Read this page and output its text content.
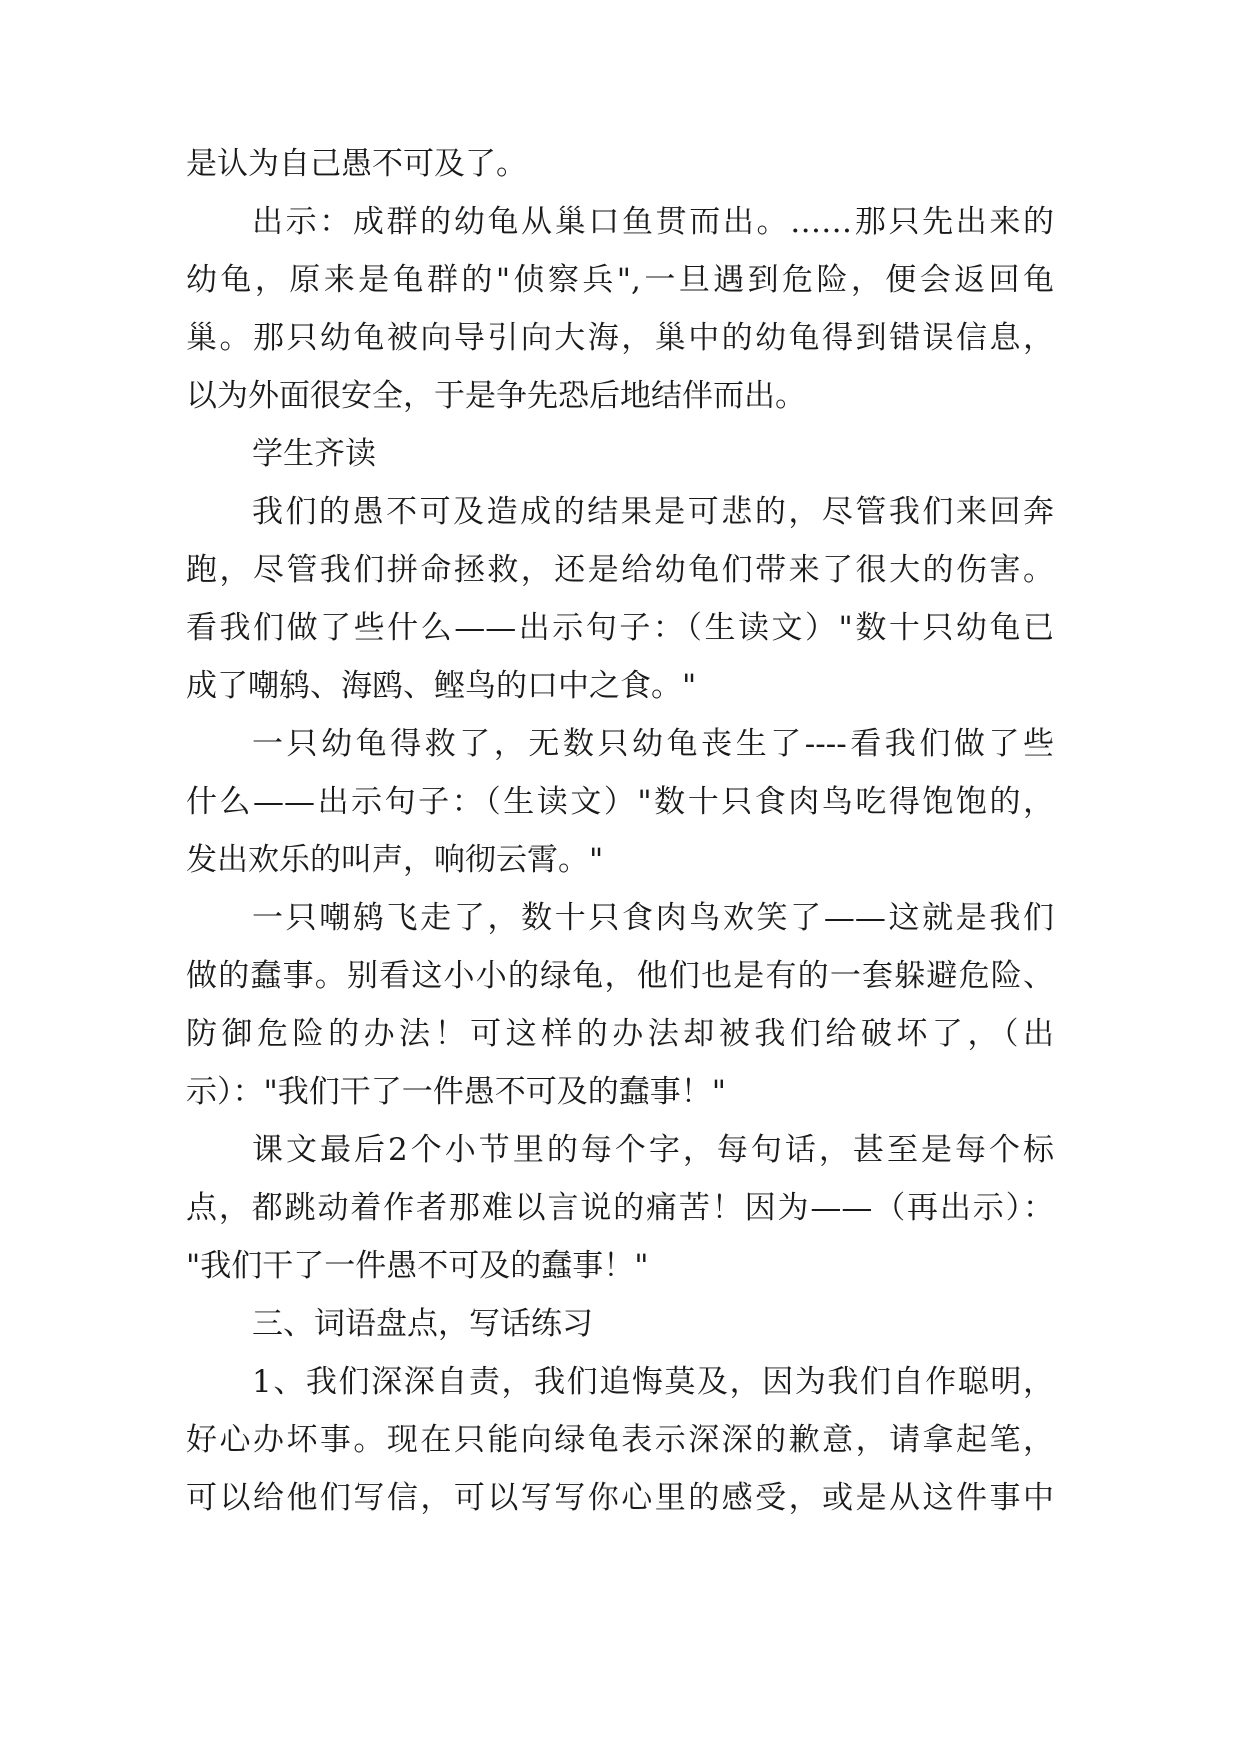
是认为自己愚不可及了。

出示：成群的幼龟从巢口鱼贯而出。……那只先出来的

幼龟，原来是龟群的"侦察兵",一旦遇到危险，便会返回龟

巢。那只幼龟被向导引向大海，巢中的幼龟得到错误信息，

以为外面很安全，于是争先恐后地结伴而出。

学生齐读

我们的愚不可及造成的结果是可悲的，尽管我们来回奔

跑，尽管我们拼命拯救，还是给幼龟们带来了很大的伤害。

看我们做了些什么——出示句子：（生读文）"数十只幼龟已

成了嘲鸫、海鸥、鲣鸟的口中之食。"

一只幼龟得救了，无数只幼龟丧生了----看我们做了些

什么——出示句子：（生读文）"数十只食肉鸟吃得饱饱的，

发出欢乐的叫声，响彻云霄。"

一只嘲鸫飞走了，数十只食肉鸟欢笑了——这就是我们

做的蠢事。别看这小小的绿龟，他们也是有的一套躲避危险、

防御危险的办法！可这样的办法却被我们给破坏了，（出

示）："我们干了一件愚不可及的蠢事！"

课文最后2个小节里的每个字，每句话，甚至是每个标

点，都跳动着作者那难以言说的痛苦！因为——（再出示）：

"我们干了一件愚不可及的蠢事！"

三、词语盘点，写话练习

1、我们深深自责，我们追悔莫及，因为我们自作聪明，

好心办坏事。现在只能向绿龟表示深深的歉意，请拿起笔，

可以给他们写信，可以写写你心里的感受，或是从这件事中
